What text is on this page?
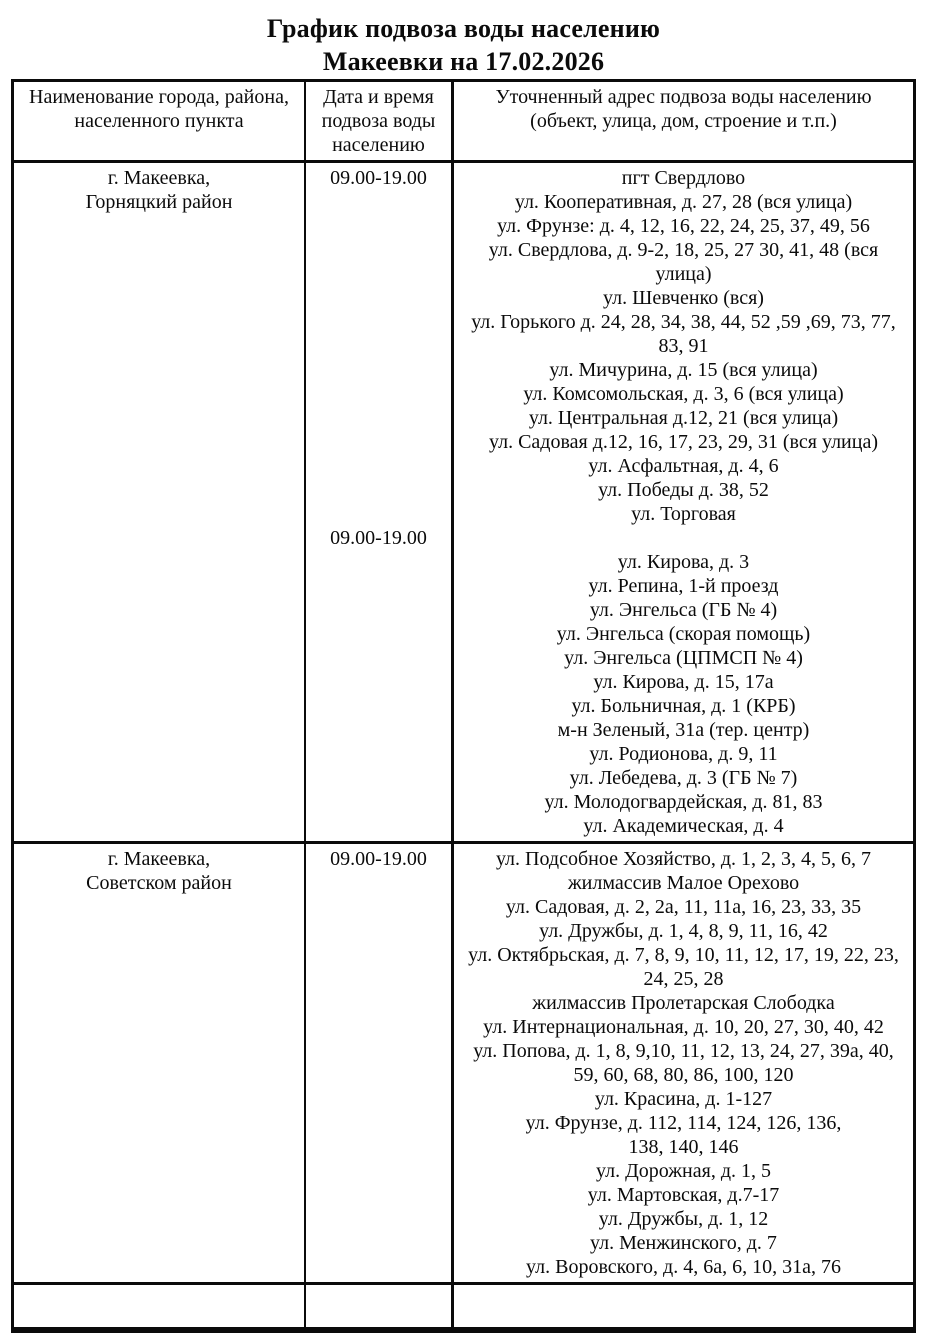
График подвоза воды населению
Макеевки на 17.02.2026
Наименование города, района,
населенного пункта
Дата и время
подвоза воды
населению
Уточненный адрес подвоза воды населению
(объект, улица, дом, строение и т.п.)
г. Макеевка,
Горняцкий район
09.00-19.00
09.00-19.00
пгт Свердлово
ул. Кооперативная, д. 27, 28 (вся улица)
ул. Фрунзе: д. 4, 12, 16, 22, 24, 25, 37, 49, 56
ул. Свердлова, д. 9-2, 18, 25, 27 30, 41, 48 (вся
улица)
ул. Шевченко (вся)
ул. Горького д. 24, 28, 34, 38, 44, 52 ,59 ,69, 73, 77,
83, 91
ул. Мичурина, д. 15 (вся улица)
ул. Комсомольская, д. 3, 6 (вся улица)
ул. Центральная д.12, 21 (вся улица)
ул. Садовая д.12, 16, 17, 23, 29, 31 (вся улица)
ул. Асфальтная, д. 4, 6
ул. Победы д. 38, 52
ул. Торговая

ул. Кирова, д. 3
ул. Репина, 1-й проезд
ул. Энгельса (ГБ № 4)
ул. Энгельса (скорая помощь)
ул. Энгельса (ЦПМСП № 4)
ул. Кирова, д. 15, 17а
ул. Больничная, д. 1 (КРБ)
м-н Зеленый, 31а (тер. центр)
ул. Родионова, д. 9, 11
ул. Лебедева, д. 3 (ГБ № 7)
ул. Молодогвардейская, д. 81, 83
ул. Академическая, д. 4
г. Макеевка,
Советском район
09.00-19.00	ул. Подсобное Хозяйство, д. 1, 2, 3, 4, 5, 6, 7
жилмассив Малое Орехово
ул. Садовая, д. 2, 2а, 11, 11а, 16, 23, 33, 35
ул. Дружбы, д. 1, 4, 8, 9, 11, 16, 42
ул. Октябрьская, д. 7, 8, 9, 10, 11, 12, 17, 19, 22, 23,
24, 25, 28
жилмассив Пролетарская Слободка
ул. Интернациональная, д. 10, 20, 27, 30, 40, 42
ул. Попова, д. 1, 8, 9,10, 11, 12, 13, 24, 27, 39а, 40,
59, 60, 68, 80, 86, 100, 120
ул. Красина, д. 1-127
ул. Фрунзе, д. 112, 114, 124, 126, 136,
138, 140, 146
ул. Дорожная, д. 1, 5
ул. Мартовская, д.7-17
ул. Дружбы, д. 1, 12
ул. Менжинского, д. 7
ул. Воровского, д. 4, 6а, 6, 10, 31а, 76
